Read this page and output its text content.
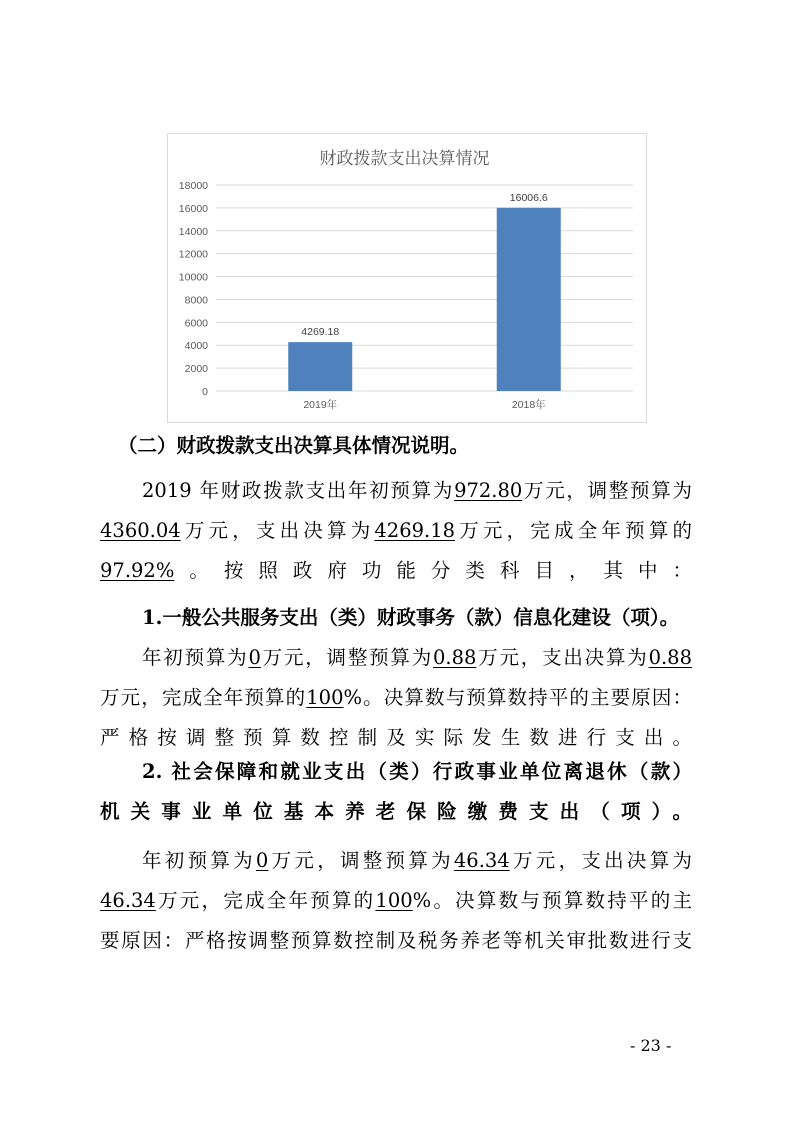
财政拨款支出决算情况
0
2000
4000
6000
8000
10000
12000
14000
16000
18000
4269.18
2019年
16006.6
2018年

（二）财政拨款支出决算具体情况说明。

2019 年财政拨款支出年初预算为972.80万元，调整预算为
4360.04万元，支出决算为4269.18万元，完成全年预算的
97.92%。按照政府功能分类科目，其中：

1.一般公共服务支出（类）财政事务（款）信息化建设（项）。

年初预算为0万元，调整预算为0.88万元，支出决算为0.88
万元，完成全年预算的100%。决算数与预算数持平的主要原因：
严格按调整预算数控制及实际发生数进行支出。

2. 社会保障和就业支出（类）行政事业单位离退休（款）
机关事业单位基本养老保险缴费支出（项）。

年初预算为0万元，调整预算为46.34万元，支出决算为
46.34万元，完成全年预算的100%。决算数与预算数持平的主
要原因：严格按调整预算数控制及税务养老等机关审批数进行支

- 23 -
